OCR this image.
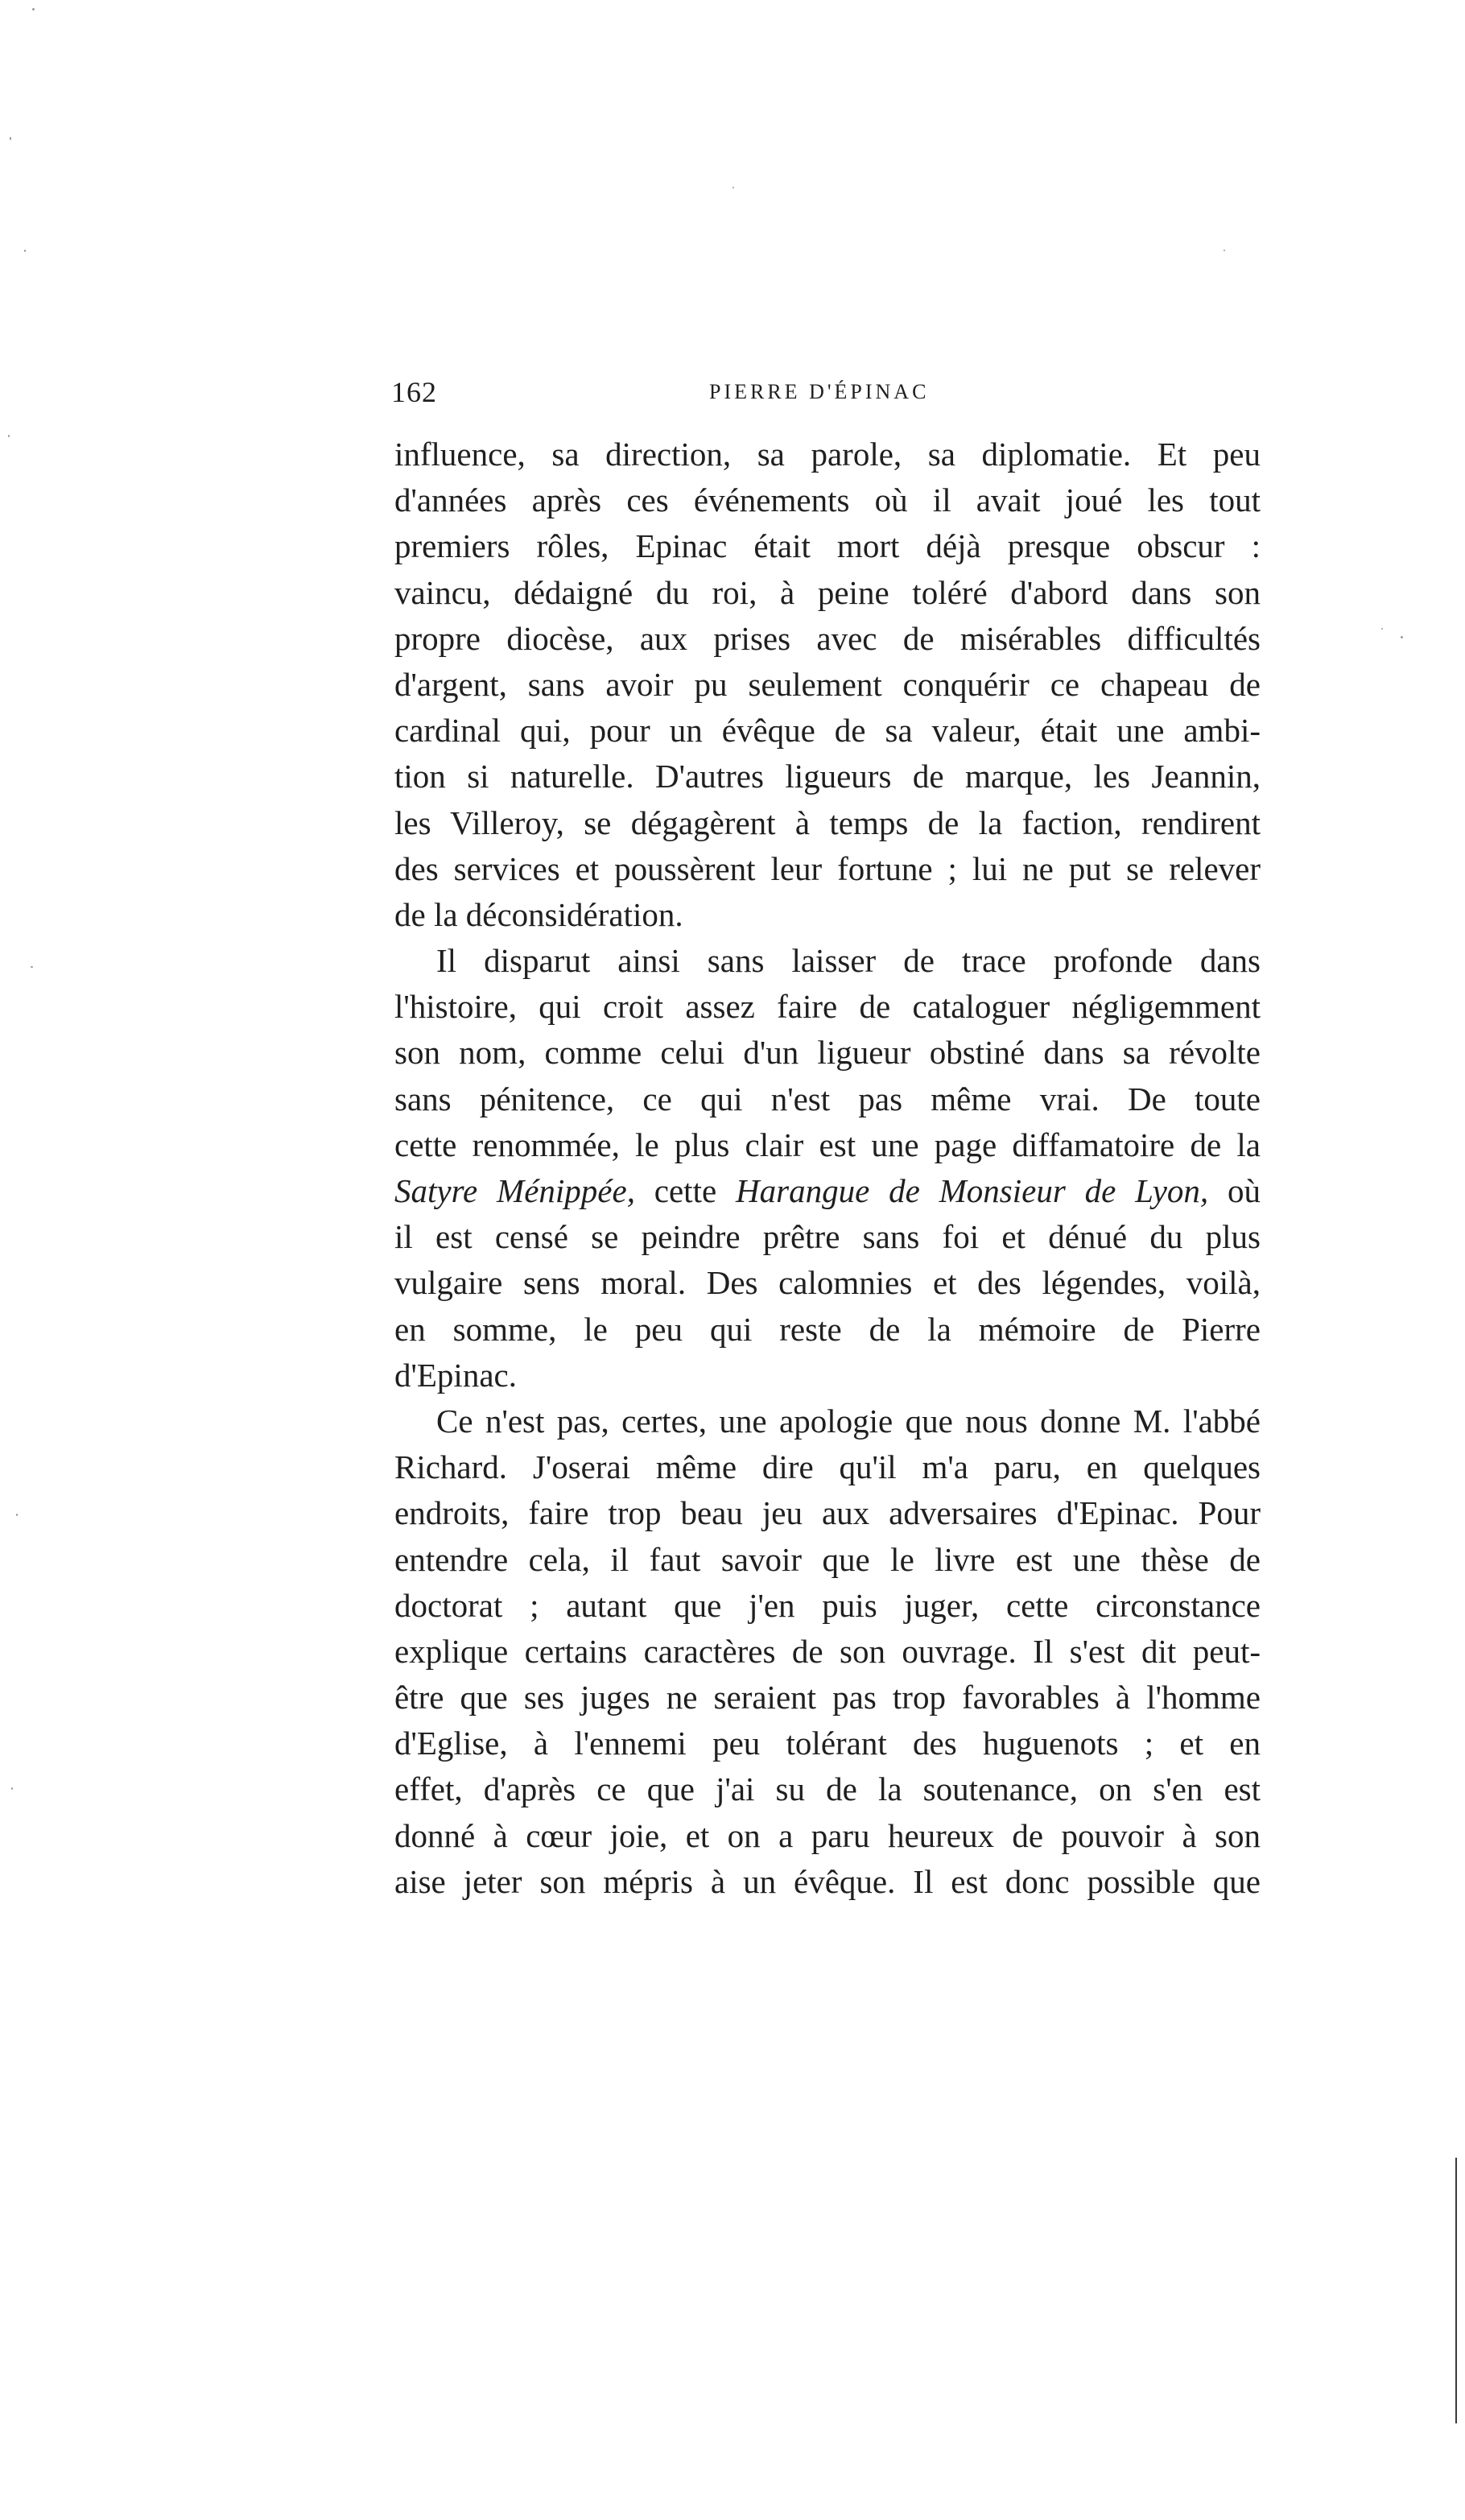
162	PIERRE D'ÉPINAC
influence, sa direction, sa parole, sa diplomatie. Et peu
d'années après ces événements où il avait joué les tout
premiers rôles, Epinac était mort déjà presque obscur :
vaincu, dédaigné du roi, à peine toléré d'abord dans son
propre diocèse, aux prises avec de misérables difficultés
d'argent, sans avoir pu seulement conquérir ce chapeau de
cardinal qui, pour un évêque de sa valeur, était une ambi-
tion si naturelle. D'autres ligueurs de marque, les Jeannin,
les Villeroy, se dégagèrent à temps de la faction, rendirent
des services et poussèrent leur fortune ; lui ne put se relever
de la déconsidération.
Il disparut ainsi sans laisser de trace profonde dans
l'histoire, qui croit assez faire de cataloguer négligemment
son nom, comme celui d'un ligueur obstiné dans sa révolte
sans pénitence, ce qui n'est pas même vrai. De toute
cette renommée, le plus clair est une page diffamatoire de la
Satyre Ménippée, cette Harangue de Monsieur de Lyon, où
il est censé se peindre prêtre sans foi et dénué du plus
vulgaire sens moral. Des calomnies et des légendes, voilà,
en somme, le peu qui reste de la mémoire de Pierre
d'Epinac.
Ce n'est pas, certes, une apologie que nous donne M. l'abbé
Richard. J'oserai même dire qu'il m'a paru, en quelques
endroits, faire trop beau jeu aux adversaires d'Epinac. Pour
entendre cela, il faut savoir que le livre est une thèse de
doctorat ; autant que j'en puis juger, cette circonstance
explique certains caractères de son ouvrage. Il s'est dit peut-
être que ses juges ne seraient pas trop favorables à l'homme
d'Eglise, à l'ennemi peu tolérant des huguenots ; et en
effet, d'après ce que j'ai su de la soutenance, on s'en est
donné à cœur joie, et on a paru heureux de pouvoir à son
aise jeter son mépris à un évêque. Il est donc possible que
